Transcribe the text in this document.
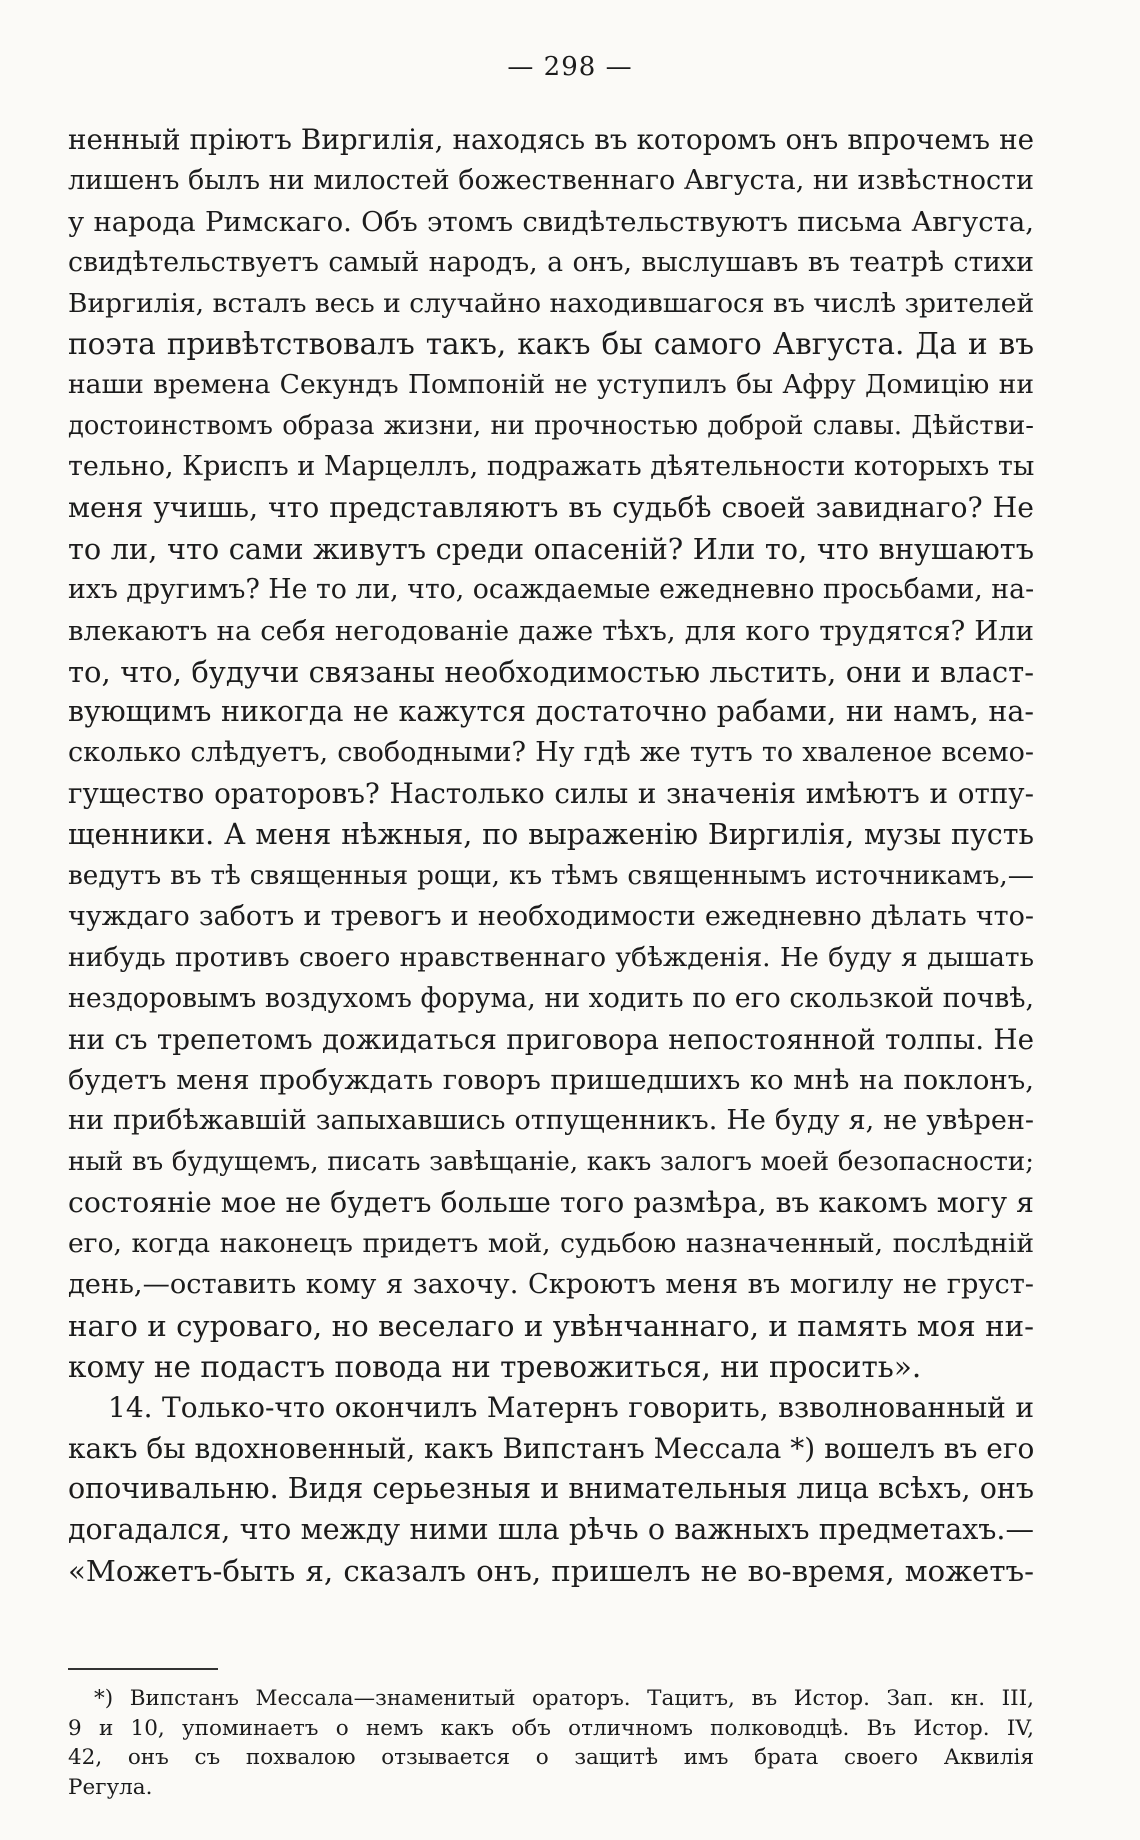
— 298 —
ненный пріютъ Виргилія, находясь въ которомъ онъ впрочемъ не
лишенъ былъ ни милостей божественнаго Августа, ни извѣстности
у народа Римскаго. Объ этомъ свидѣтельствуютъ письма Августа,
свидѣтельствуетъ самый народъ, а онъ, выслушавъ въ театрѣ стихи
Виргилія, всталъ весь и случайно находившагося въ числѣ зрителей
поэта привѣтствовалъ такъ, какъ бы самого Августа. Да и въ
наши времена Секундъ Помпоній не уступилъ бы Афру Домицію ни
достоинствомъ образа жизни, ни прочностью доброй славы. Дѣйстви-
тельно, Криспъ и Марцеллъ, подражать дѣятельности которыхъ ты
меня учишь, что представляютъ въ судьбѣ своей завиднаго? Не
то ли, что сами живутъ среди опасеній? Или то, что внушаютъ
ихъ другимъ? Не то ли, что, осаждаемые ежедневно просьбами, на-
влекаютъ на себя негодованіе даже тѣхъ, для кого трудятся? Или
то, что, будучи связаны необходимостью льстить, они и власт-
вующимъ никогда не кажутся достаточно рабами, ни намъ, на-
сколько слѣдуетъ, свободными? Ну гдѣ же тутъ то хваленое всемо-
гущество ораторовъ? Настолько силы и значенія имѣютъ и отпу-
щенники. А меня нѣжныя, по выраженію Виргилія, музы пусть
ведутъ въ тѣ священныя рощи, къ тѣмъ священнымъ источникамъ,—
чуждаго заботъ и тревогъ и необходимости ежедневно дѣлать что-
нибудь противъ своего нравственнаго убѣжденія. Не буду я дышать
нездоровымъ воздухомъ форума, ни ходить по его скользкой почвѣ,
ни съ трепетомъ дожидаться приговора непостоянной толпы. Не
будетъ меня пробуждать говоръ пришедшихъ ко мнѣ на поклонъ,
ни прибѣжавшій запыхавшись отпущенникъ. Не буду я, не увѣрен-
ный въ будущемъ, писать завѣщаніе, какъ залогъ моей безопасности;
состояніе мое не будетъ больше того размѣра, въ какомъ могу я
его, когда наконецъ придетъ мой, судьбою назначенный, послѣдній
день,—оставить кому я захочу. Скроютъ меня въ могилу не груст-
наго и суроваго, но веселаго и увѣнчаннаго, и память моя ни-
кому не подастъ повода ни тревожиться, ни просить».
14. Только-что окончилъ Матернъ говорить, взволнованный и
какъ бы вдохновенный, какъ Випстанъ Мессала *) вошелъ въ его
опочивальню. Видя серьезныя и внимательныя лица всѣхъ, онъ
догадался, что между ними шла рѣчь о важныхъ предметахъ.—
«Можетъ-быть я, сказалъ онъ, пришелъ не во-время, можетъ-
*) Випстанъ Мессала—знаменитый ораторъ. Тацитъ, въ Истор. Зап. кн. III,
9 и 10, упоминаетъ о немъ какъ объ отличномъ полководцѣ. Въ Истор. IV,
42, онъ съ похвалою отзывается о защитѣ имъ брата своего Аквилія
Регула.
